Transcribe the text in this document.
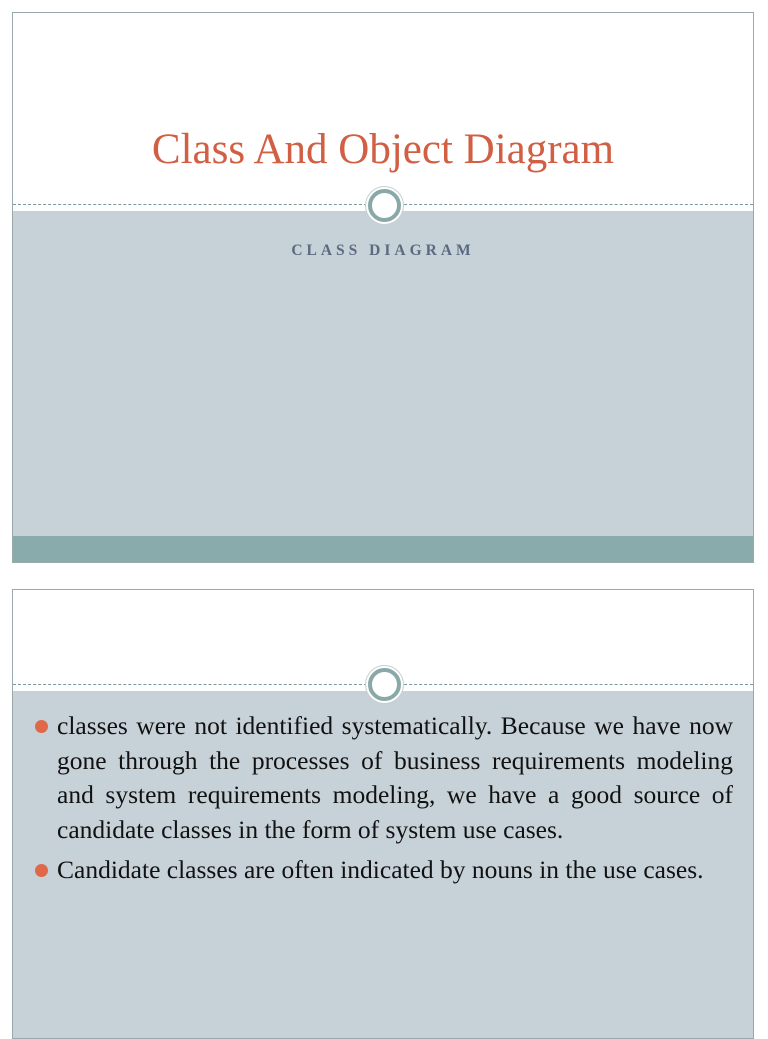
Class And Object Diagram
CLASS DIAGRAM
classes were not identified systematically. Because we have now gone through the processes of business requirements modeling and system requirements modeling, we have a good source of candidate classes in the form of system use cases.
Candidate classes are often indicated by nouns in the use cases.
